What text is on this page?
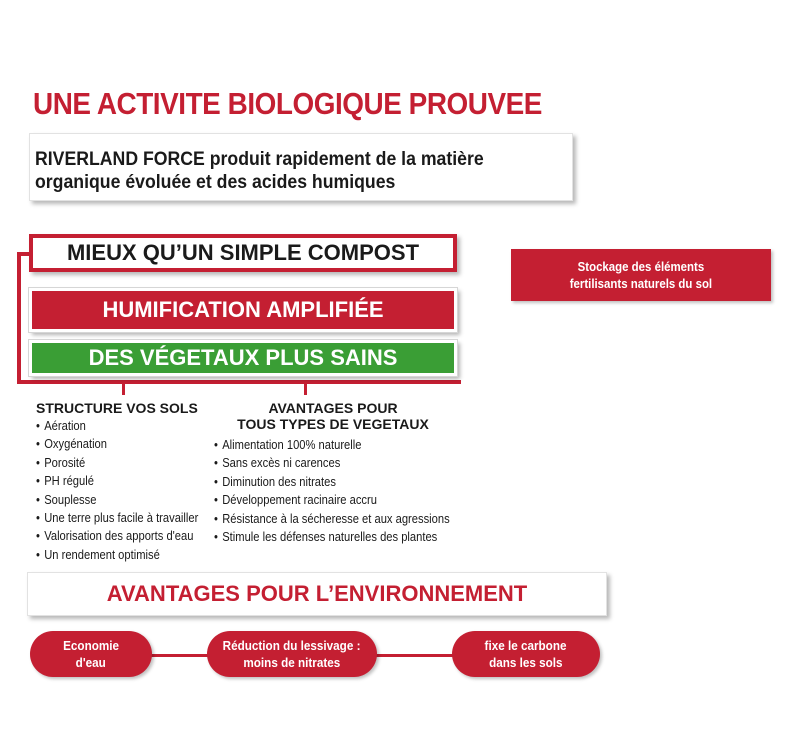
UNE ACTIVITE BIOLOGIQUE PROUVEE
RIVERLAND FORCE produit rapidement de la matière
organique évoluée et des acides humiques
MIEUX QU’UN SIMPLE COMPOST
HUMIFICATION AMPLIFIÉE
DES VÉGETAUX PLUS SAINS
Stockage des éléments
fertilisants naturels du sol
STRUCTURE VOS SOLS
• Aération
• Oxygénation
• Porosité
• PH régulé
• Souplesse
• Une terre plus facile à travailler
• Valorisation des apports d'eau
• Un rendement optimisé
AVANTAGES POUR
TOUS TYPES DE VEGETAUX
• Alimentation 100% naturelle
• Sans excès ni carences
• Diminution des nitrates
• Développement racinaire accru
• Résistance à la sécheresse et aux agressions
• Stimule les défenses naturelles des plantes
AVANTAGES POUR L’ENVIRONNEMENT
Economie
d'eau
Réduction du lessivage :
moins de nitrates
fixe le carbone
dans les sols
